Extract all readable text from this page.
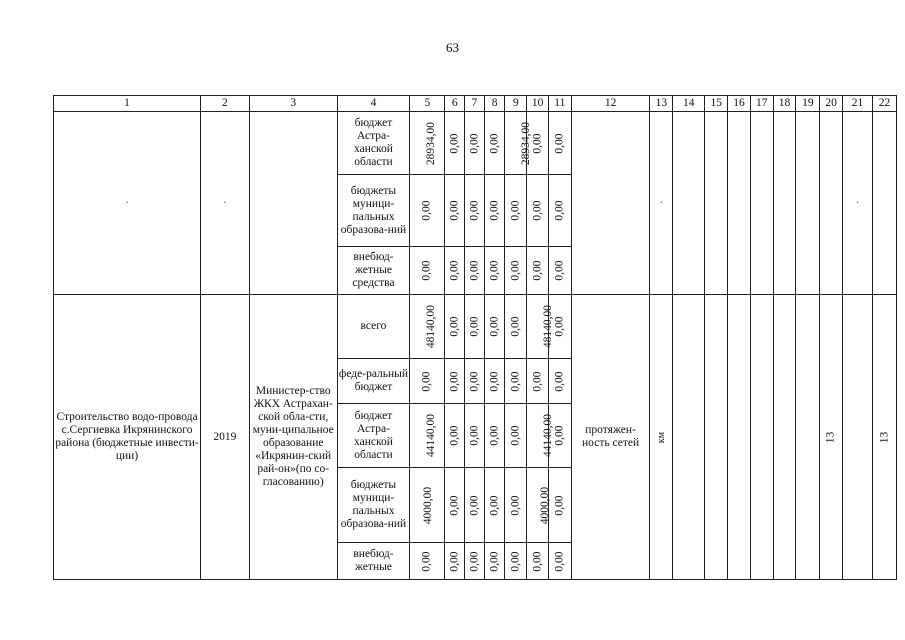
63
1	2	3	4	5	6	7	8	9	10	11	12	13	14	15	16	17	18	19	20	21	22
·	·		бюджет Астра-ханской области	28934,00	0,00	0,00	0,00	28934,00	0,00	0,00		·								·	
			бюджеты муници-пальных образова-ний	0,00	0,00	0,00	0,00	0,00	0,00	0,00											
			внебюд-жетные средства	0,00	0,00	0,00	0,00	0,00	0,00	0,00											
Строительство водо-провода с.Сергиевка Икрянинского района (бюджетные инвести-ции)	2019	Министер-ство ЖКХ Астрахан-ской обла-сти, муни-ципальное образование «Икрянин-ский рай-он»(по со-гласованию)	всего	48140,00	0,00	0,00	0,00	0,00	48140,00	0,00	протяжен-ность сетей	км							13		13
			феде-ральный бюджет	0,00	0,00	0,00	0,00	0,00	0,00	0,00											
			бюджет Астра-ханской области	44140,00	0,00	0,00	0,00	0,00	44140,00	0,00											
			бюджеты муници-пальных образова-ний	4000,00	0,00	0,00	0,00	0,00	4000,00	0,00											
			внебюд-жетные	0,00	0,00	0,00	0,00	0,00	0,00	0,00											
